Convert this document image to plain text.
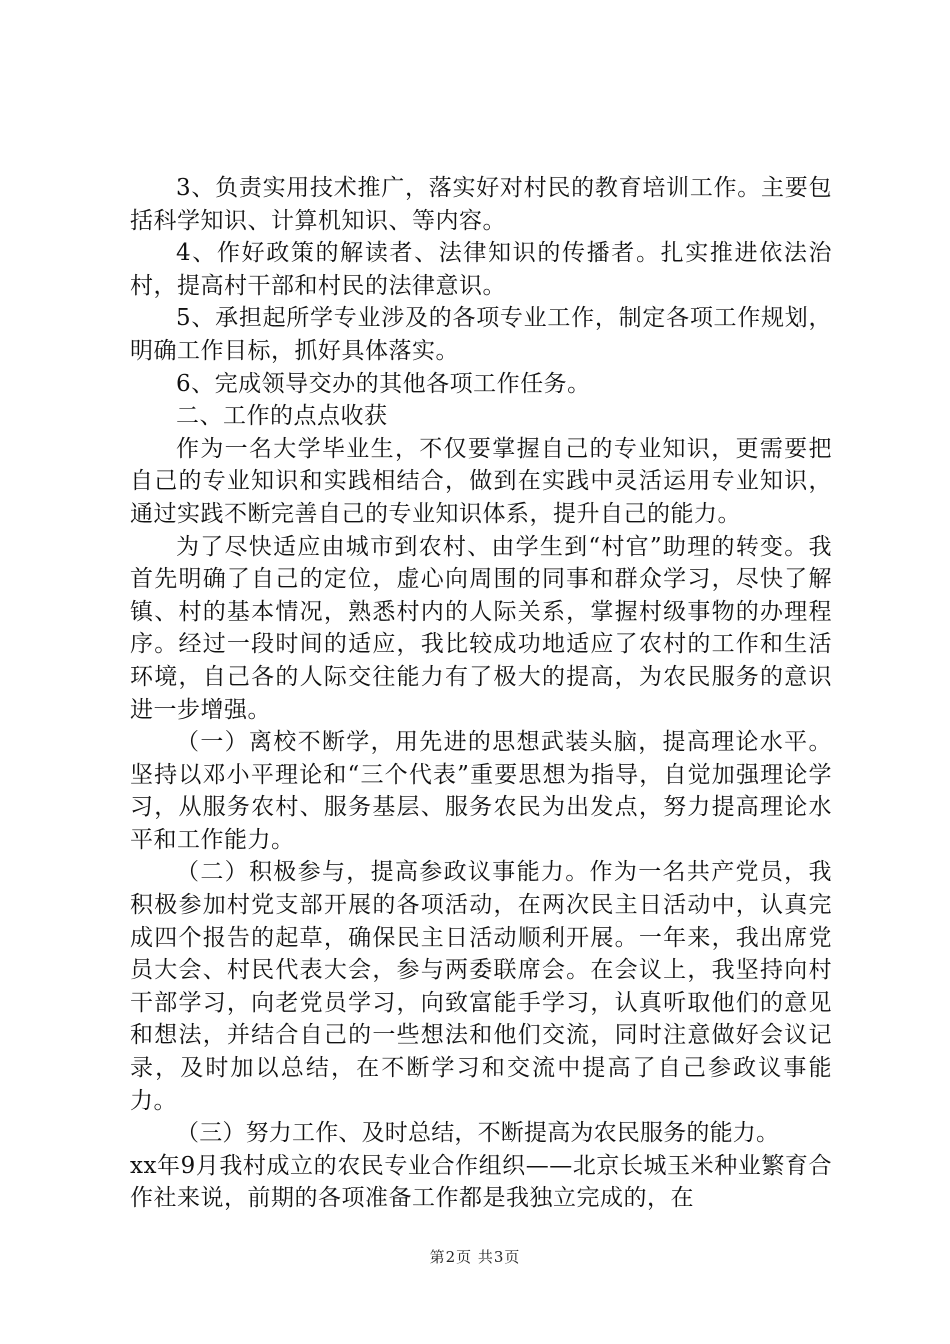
3、负责实用技术推广，落实好对村民的教育培训工作。主要包括科学知识、计算机知识、等内容。

4、作好政策的解读者、法律知识的传播者。扎实推进依法治村，提高村干部和村民的法律意识。

5、承担起所学专业涉及的各项专业工作，制定各项工作规划，明确工作目标，抓好具体落实。

6、完成领导交办的其他各项工作任务。

二、工作的点点收获

作为一名大学毕业生，不仅要掌握自己的专业知识，更需要把自己的专业知识和实践相结合，做到在实践中灵活运用专业知识，通过实践不断完善自己的专业知识体系，提升自己的能力。

为了尽快适应由城市到农村、由学生到“村官”助理的转变。我首先明确了自己的定位，虚心向周围的同事和群众学习，尽快了解镇、村的基本情况，熟悉村内的人际关系，掌握村级事物的办理程序。经过一段时间的适应，我比较成功地适应了农村的工作和生活环境，自己各的人际交往能力有了极大的提高，为农民服务的意识进一步增强。

（一）离校不断学，用先进的思想武装头脑，提高理论水平。坚持以邓小平理论和“三个代表”重要思想为指导，自觉加强理论学习，从服务农村、服务基层、服务农民为出发点，努力提高理论水平和工作能力。

（二）积极参与，提高参政议事能力。作为一名共产党员，我积极参加村党支部开展的各项活动，在两次民主日活动中，认真完成四个报告的起草，确保民主日活动顺利开展。一年来，我出席党员大会、村民代表大会，参与两委联席会。在会议上，我坚持向村干部学习，向老党员学习，向致富能手学习，认真听取他们的意见和想法，并结合自己的一些想法和他们交流，同时注意做好会议记录，及时加以总结，在不断学习和交流中提高了自己参政议事能力。

（三）努力工作、及时总结，不断提高为农民服务的能力。

xx年9月我村成立的农民专业合作组织——北京长城玉米种业繁育合作社来说，前期的各项准备工作都是我独立完成的，在

第2页 共3页
